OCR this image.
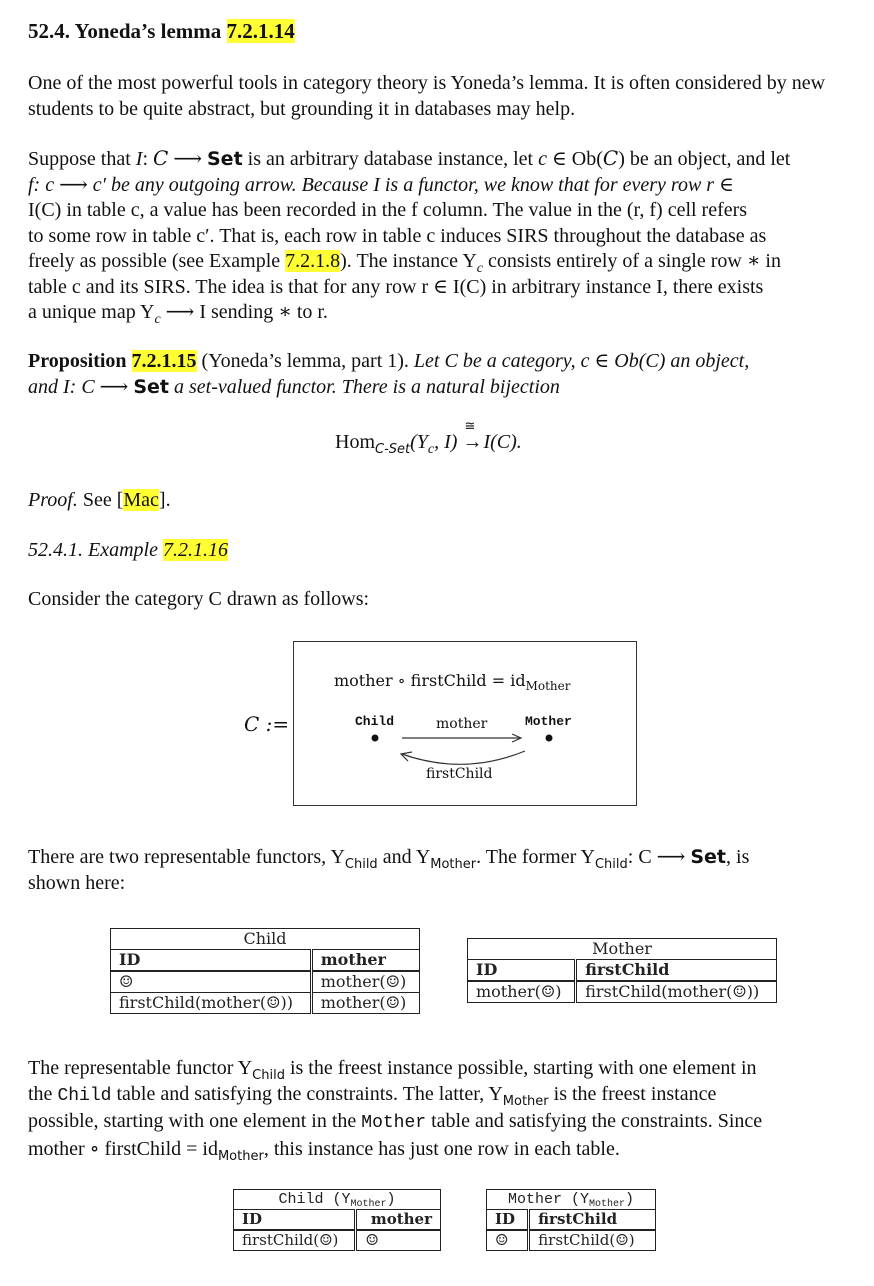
52.4. Yoneda’s lemma 7.2.1.14

One of the most powerful tools in category theory is Yoneda’s lemma. It is often considered by new students to be quite abstract, but grounding it in databases may help.

Suppose that I: C ⟶ Set is an arbitrary database instance, let c ∈ Ob(C) be an object, and let
f: c ⟶ c′ be any outgoing arrow. Because I is a functor, we know that for every row r ∈
I(C) in table c, a value has been recorded in the f column. The value in the (r, f) cell refers
to some row in table c′. That is, each row in table c induces SIRS throughout the database as
freely as possible (see Example 7.2.1.8). The instance $Y_c$ consists entirely of a single row ∗ in
table c and its SIRS. The idea is that for any row r ∈ I(C) in arbitrary instance I, there exists
a unique map $Y_c$ ⟶ I sending ∗ to r.
Proposition 7.2.1.15 (Yoneda’s lemma, part 1). Let C be a category, c ∈ Ob(C) an object,
and I: C ⟶ Set a set-valued functor. There is a natural bijection
$Hom_{C-Set}(Y_c$, I)
≅
→ I(C).
Proof. See [Mac].
52.4.1. Example 7.2.1.16

Consider the category C drawn as follows:

C :=
mother ∘ firstChild = $id_{Mother}$
Child	Mother
mother
firstChild
There are two representable functors, $Y_{Child}$ and $Y_{Mother}$. The former $Y_{Child}$: C ⟶ Set, is
shown here:
Child	
ID	mother
☺	mother(☺)
firstChild(mother(☺))	mother(☺)
Mother	
ID	firstChild
mother(☺)	firstChild(mother(☺))
The representable functor $Y_{Child}$ is the freest instance possible, starting with one element in
the Child table and satisfying the constraints. The latter, $Y_{Mother}$ is the freest instance
possible, starting with one element in the Mother table and satisfying the constraints. Since
mother ∘ firstChild = $id_{Mother}$, this instance has just one row in each table.
Child $(Y_{Mother})$	
ID	mother
firstChild(☺)	☺
Mother $(Y_{Mother})$	
ID	firstChild
☺	firstChild(☺)
